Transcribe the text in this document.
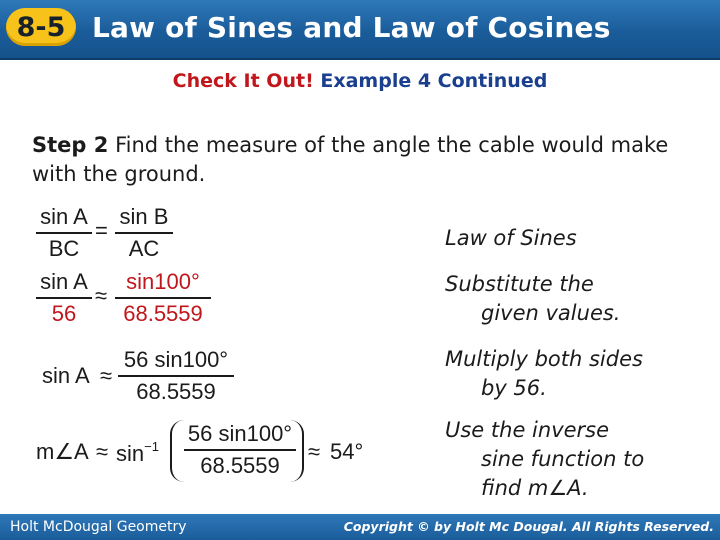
8-5 Law of Sines and Law of Cosines
Check It Out! Example 4 Continued
Step 2 Find the measure of the angle the cable would make with the ground.
sin A
BC
=
sin B
AC
sin A
56
≈
sin100°
68.5559
sin A ≈
56 sin100°
68.5559
m∠A ≈ $\sin^{-1}$
56 sin100°
68.5559
≈ 54°
Law of Sines
Substitute the
given values.
Multiply both sides
by 56.
Use the inverse
sine function to
find m∠A.
Holt McDougal Geometry	Copyright © by Holt Mc Dougal. All Rights Reserved.
